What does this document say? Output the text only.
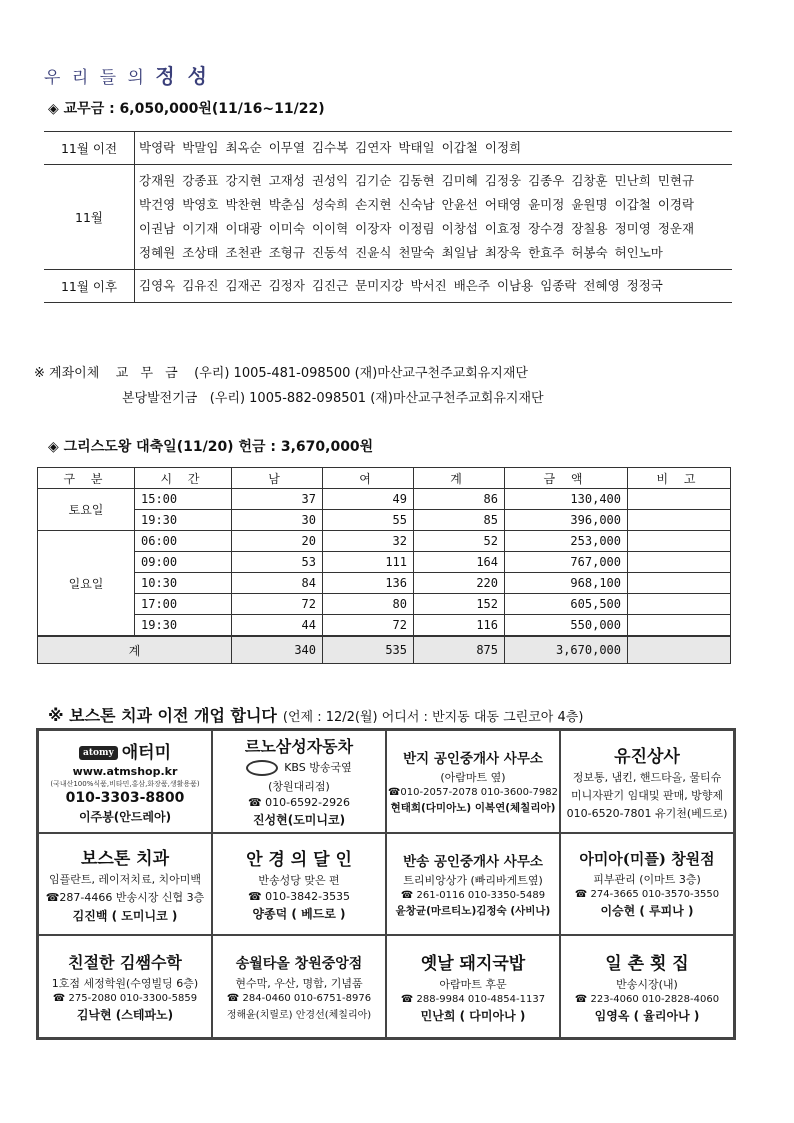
우 리 들 의 정 성
◈ 교무금 : 6,050,000원(11/16~11/22)
11월 이전	박영락 박말임 최옥순 이무열 김수복 김연자 박태일 이갑철 이정희
11월	강재원 강종표 강지현 고재성 권성익 김기순 김동현 김미혜 김정웅 김종우 김창훈 민난희 민현규박건영 박영호 박찬현 박춘심 성숙희 손지현 신숙남 안윤선 어태영 윤미정 윤원명 이갑철 이경락이권남 이기재 이대광 이미숙 이이혁 이장자 이정림 이창섭 이효정 장수경 장칠용 정미영 정운재정혜원 조상태 조천관 조형규 진동석 진윤식 천말숙 최일남 최장욱 한효주 허봉숙 허인노마
11월 이후	김영옥 김유진 김재곤 김정자 김진근 문미지강 박서진 배은주 이남용 임종락 전혜영 정정국
※ 계좌이체 교 무 금 (우리) 1005-481-098500 (재)마산교구천주교회유지재단
본당발전기금 (우리) 1005-882-098501 (재)마산교구천주교회유지재단
◈ 그리스도왕 대축일(11/20) 헌금 : 3,670,000원
구 분	시 간	남	여	계	금 액	비 고
토요일	15:00	37	49	86	130,400	
	19:30	30	55	85	396,000	
일요일	06:00	20	32	52	253,000	
	09:00	53	111	164	767,000	
	10:30	84	136	220	968,100	
	17:00	72	80	152	605,500	
	19:30	44	72	116	550,000	
계		340	535	875	3,670,000	
※ 보스톤 치과 이전 개업 합니다 (언제 : 12/2(월) 어디서 : 반지동 대동 그린코아 4층)
atomy 애터미
www.atmshop.kr
(국내산100%식품,비타민,홍삼,화장품,생활용품)
010-3303-8800
이주봉(안드레아)
르노삼성자동차
KBS 방송국옆
(창원대리점)
☎ 010-6592-2926
진성현(도미니코)
반지 공인중개사 사무소
(아람마트 옆)
☎010-2057-2078 010-3600-7982
현태희(다미아노) 이복연(체칠리아)
유진상사
정보통, 냄킨, 핸드타올, 물티슈
미니자판기 임대및 판매, 방향제
010-6520-7801 유기천(베드로)
보스톤 치과
임플란트, 레이저치료, 치아미백
☎287-4466 반송시장 신협 3층
김진백 ( 도미니코 )
안 경 의 달 인
반송성당 맞은 편
☎ 010-3842-3535
양종덕 ( 베드로 )
반송 공인중개사 사무소
트리비앙상가 (빠리바게트옆)
☎ 261-0116 010-3350-5489
윤창균(마르티노)김정숙 (사비나)
아미아(미플) 창원점
피부관리 (이마트 3층)
☎ 274-3665 010-3570-3550
이승현 ( 루피나 )
친절한 김쌤수학
1호점 세정학원(수영빌딩 6층)
☎ 275-2080 010-3300-5859
김낙현 (스테파노)
송월타올 창원중앙점
현수막, 우산, 명함, 기념품
☎ 284-0460 010-6751-8976
정해윤(치릴로) 안경선(체칠리아)
옛날 돼지국밥
아람마트 후문
☎ 288-9984 010-4854-1137
민난희 ( 다미아나 )
일 촌 횟 집
반송시장(내)
☎ 223-4060 010-2828-4060
임영옥 ( 율리아나 )
